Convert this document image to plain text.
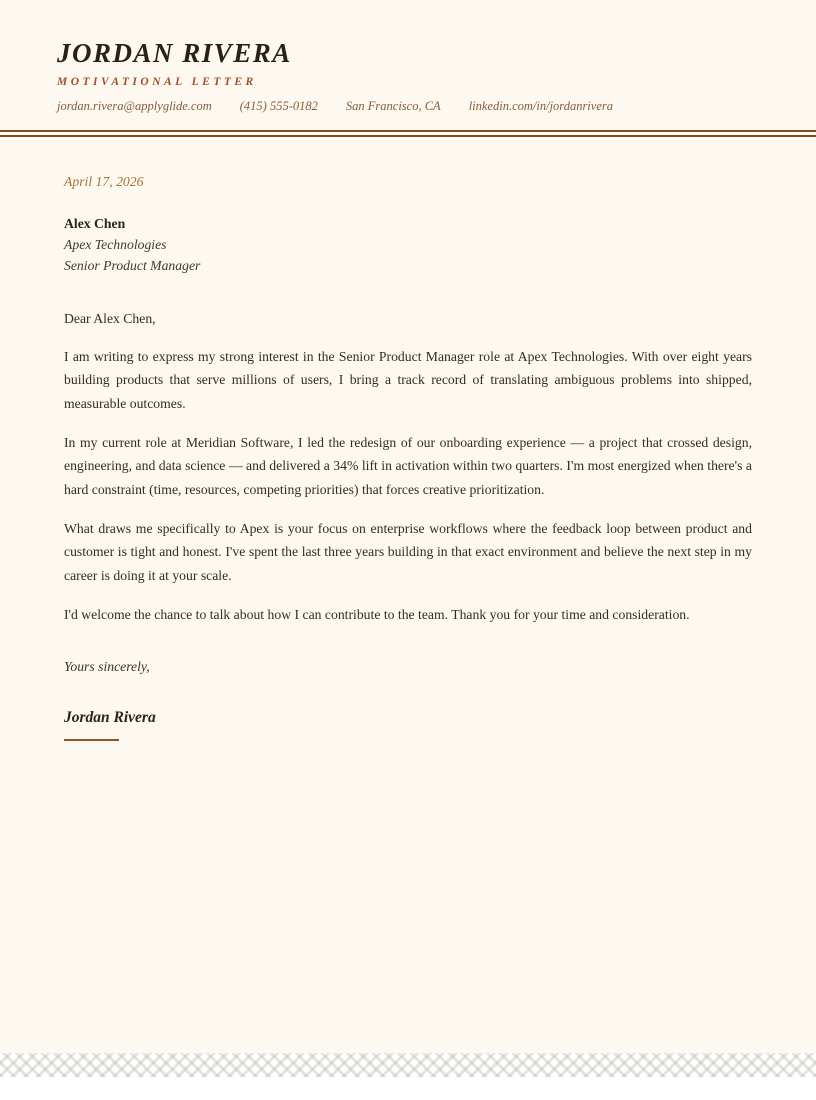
JORDAN RIVERA
MOTIVATIONAL LETTER
jordan.rivera@applyglide.com (415) 555-0182 San Francisco, CA linkedin.com/in/jordanrivera
April 17, 2026
Alex Chen
Apex Technologies
Senior Product Manager

Dear Alex Chen,

I am writing to express my strong interest in the Senior Product Manager role at Apex Technologies. With over eight years building products that serve millions of users, I bring a track record of translating ambiguous problems into shipped, measurable outcomes.

In my current role at Meridian Software, I led the redesign of our onboarding experience — a project that crossed design, engineering, and data science — and delivered a 34% lift in activation within two quarters. I'm most energized when there's a hard constraint (time, resources, competing priorities) that forces creative prioritization.

What draws me specifically to Apex is your focus on enterprise workflows where the feedback loop between product and customer is tight and honest. I've spent the last three years building in that exact environment and believe the next step in my career is doing it at your scale.

I'd welcome the chance to talk about how I can contribute to the team. Thank you for your time and consideration.

Yours sincerely,
Jordan Rivera
